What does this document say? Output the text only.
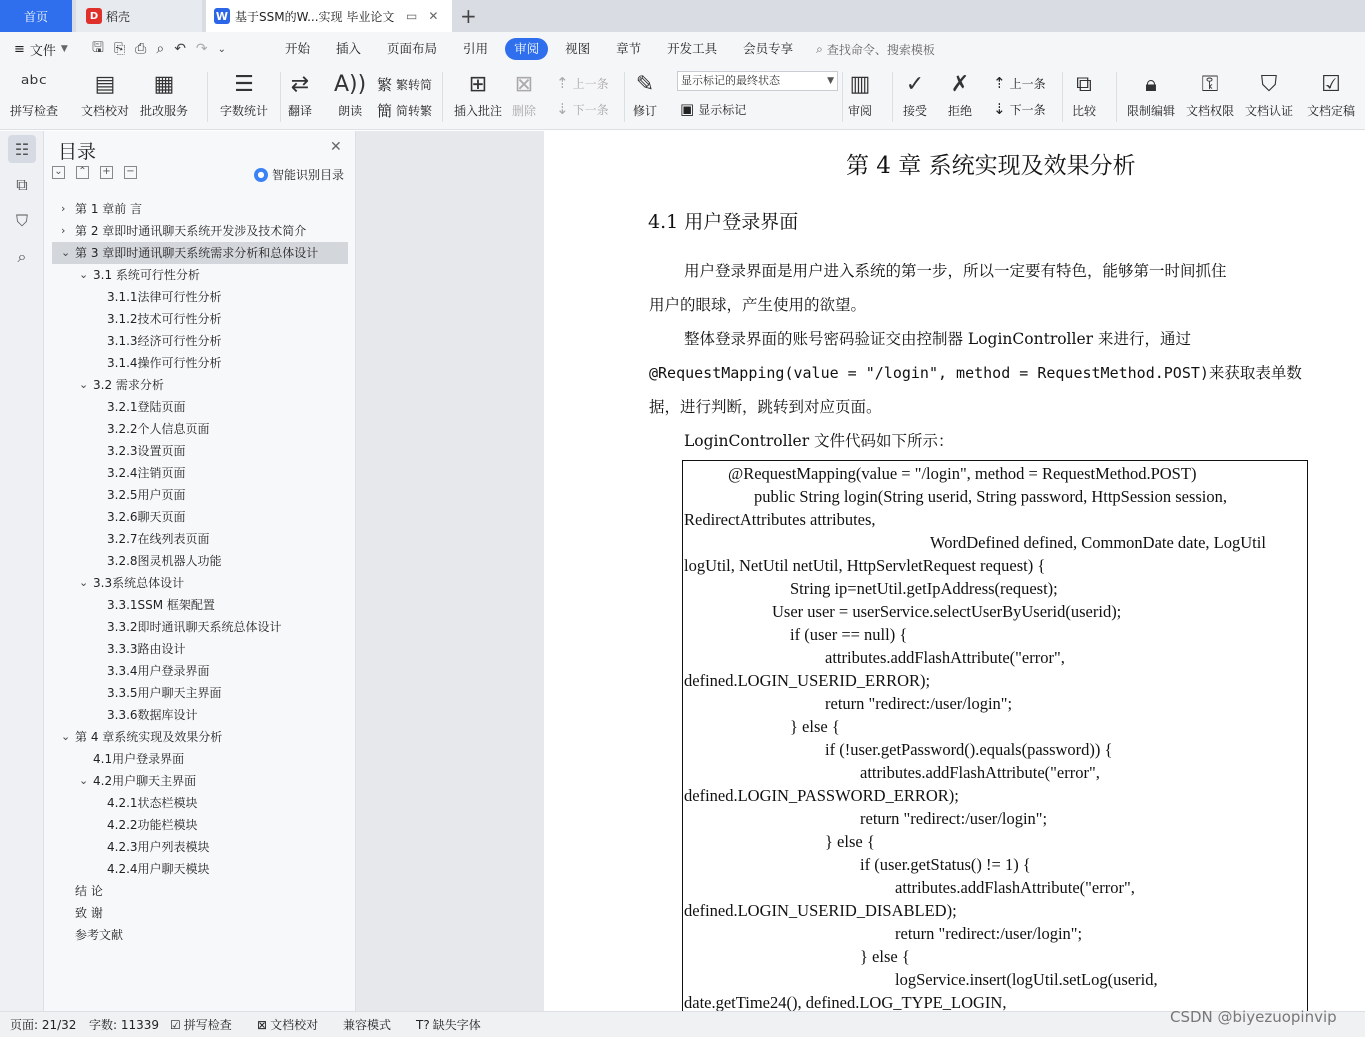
首页	D 稻壳	W 基于SSM的W...实现 毕业论文 ▭ ✕ +
≡ 文件 ▼ 🖫 ⎘ ⎙ ⌕ ↶ ↷ ⌄	开始	插入	页面布局	引用	审阅	视图	章节	开发工具	会员专享	⌕ 查找命令、搜索模板
ᵃᵇᶜ
拼写检查
▤
文档校对
▦
批改服务
☰
字数统计
⇄
翻译
A))
朗读
繁 繁转简
簡 简转繁
⊞
插入批注
⊠
删除
⇡ 上一条
⇣ 下一条
✎
修订
显示标记的最终状态	▼
▣ 显示标记
▥
审阅
✓
接受
✗
拒绝
⇡ 上一条
⇣ 下一条
⧉
比较
🔒︎
限制编辑
⚿
文档权限
⛉
文档认证
☑
文档定稿
☷
⧉
⛉
⌕
目录	✕
⌄ ⌃ + −	● 智能识别目录
› 第 1 章前 言
› 第 2 章即时通讯聊天系统开发涉及技术简介
⌄ 第 3 章即时通讯聊天系统需求分析和总体设计
⌄ 3.1 系统可行性分析
3.1.1法律可行性分析
3.1.2技术可行性分析
3.1.3经济可行性分析
3.1.4操作可行性分析
⌄ 3.2 需求分析
3.2.1登陆页面
3.2.2个人信息页面
3.2.3设置页面
3.2.4注销页面
3.2.5用户页面
3.2.6聊天页面
3.2.7在线列表页面
3.2.8图灵机器人功能
⌄ 3.3系统总体设计
3.3.1SSM 框架配置
3.3.2即时通讯聊天系统总体设计
3.3.3路由设计
3.3.4用户登录界面
3.3.5用户聊天主界面
3.3.6数据库设计
⌄ 第 4 章系统实现及效果分析
4.1用户登录界面
⌄ 4.2用户聊天主界面
4.2.1状态栏模块
4.2.2功能栏模块
4.2.3用户列表模块
4.2.4用户聊天模块
结 论
致 谢
参考文献
第 4 章 系统实现及效果分析
4.1 用户登录界面
用户登录界面是用户进入系统的第一步，所以一定要有特色，能够第一时间抓住
用户的眼球，产生使用的欲望。
整体登录界面的账号密码验证交由控制器 LoginController 来进行，通过
@RequestMapping(value = "/login", method = RequestMethod.POST)来获取表单数
据，进行判断，跳转到对应页面。
LoginController 文件代码如下所示：
@RequestMapping(value = "/login", method = RequestMethod.POST)
public String login(String userid, String password, HttpSession session,
RedirectAttributes attributes,
WordDefined defined, CommonDate date, LogUtil
logUtil, NetUtil netUtil, HttpServletRequest request) {
String ip=netUtil.getIpAddress(request);
User user = userService.selectUserByUserid(userid);
if (user == null) {
attributes.addFlashAttribute("error",
defined.LOGIN_USERID_ERROR);
return "redirect:/user/login";
} else {
if (!user.getPassword().equals(password)) {
attributes.addFlashAttribute("error",
defined.LOGIN_PASSWORD_ERROR);
return "redirect:/user/login";
} else {
if (user.getStatus() != 1) {
attributes.addFlashAttribute("error",
defined.LOGIN_USERID_DISABLED);
return "redirect:/user/login";
} else {
logService.insert(logUtil.setLog(userid,
date.getTime24(), defined.LOG_TYPE_LOGIN,
页面: 21/32 字数: 11339 ☑ 拼写检查 ⊠ 文档校对 兼容模式 T? 缺失字体	CSDN @biyezuopinvip
